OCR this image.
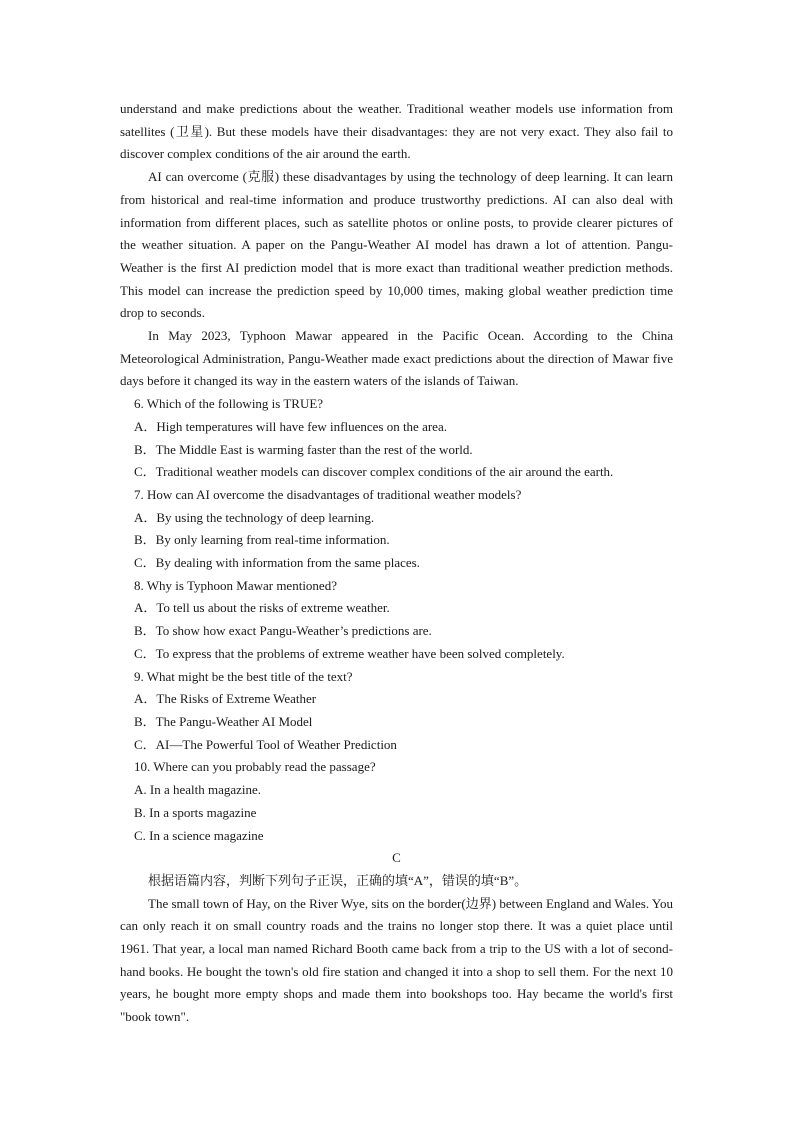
understand and make predictions about the weather. Traditional weather models use information from satellites (卫星). But these models have their disadvantages: they are not very exact. They also fail to discover complex conditions of the air around the earth.

AI can overcome (克服) these disadvantages by using the technology of deep learning. It can learn from historical and real-time information and produce trustworthy predictions. AI can also deal with information from different places, such as satellite photos or online posts, to provide clearer pictures of the weather situation. A paper on the Pangu-Weather AI model has drawn a lot of attention. Pangu-Weather is the first AI prediction model that is more exact than traditional weather prediction methods. This model can increase the prediction speed by 10,000 times, making global weather prediction time drop to seconds.

In May 2023, Typhoon Mawar appeared in the Pacific Ocean. According to the China Meteorological Administration, Pangu-Weather made exact predictions about the direction of Mawar five days before it changed its way in the eastern waters of the islands of Taiwan.

6. Which of the following is TRUE?

A．High temperatures will have few influences on the area.

B．The Middle East is warming faster than the rest of the world.

C．Traditional weather models can discover complex conditions of the air around the earth.

7. How can AI overcome the disadvantages of traditional weather models?

A．By using the technology of deep learning.

B．By only learning from real-time information.

C．By dealing with information from the same places.

8. Why is Typhoon Mawar mentioned?

A．To tell us about the risks of extreme weather.

B．To show how exact Pangu-Weather’s predictions are.

C．To express that the problems of extreme weather have been solved completely.

9. What might be the best title of the text?

A．The Risks of Extreme Weather

B．The Pangu-Weather AI Model

C．AI—The Powerful Tool of Weather Prediction

10. Where can you probably read the passage?

A. In a health magazine.

B. In a sports magazine

C. In a science magazine

C

根据语篇内容，判断下列句子正误，正确的填“A”，错误的填“B”。

The small town of Hay, on the River Wye, sits on the border(边界) between England and Wales. You can only reach it on small country roads and the trains no longer stop there. It was a quiet place until 1961. That year, a local man named Richard Booth came back from a trip to the US with a lot of second-hand books. He bought the town's old fire station and changed it into a shop to sell them. For the next 10 years, he bought more empty shops and made them into bookshops too. Hay became the world's first "book town".
